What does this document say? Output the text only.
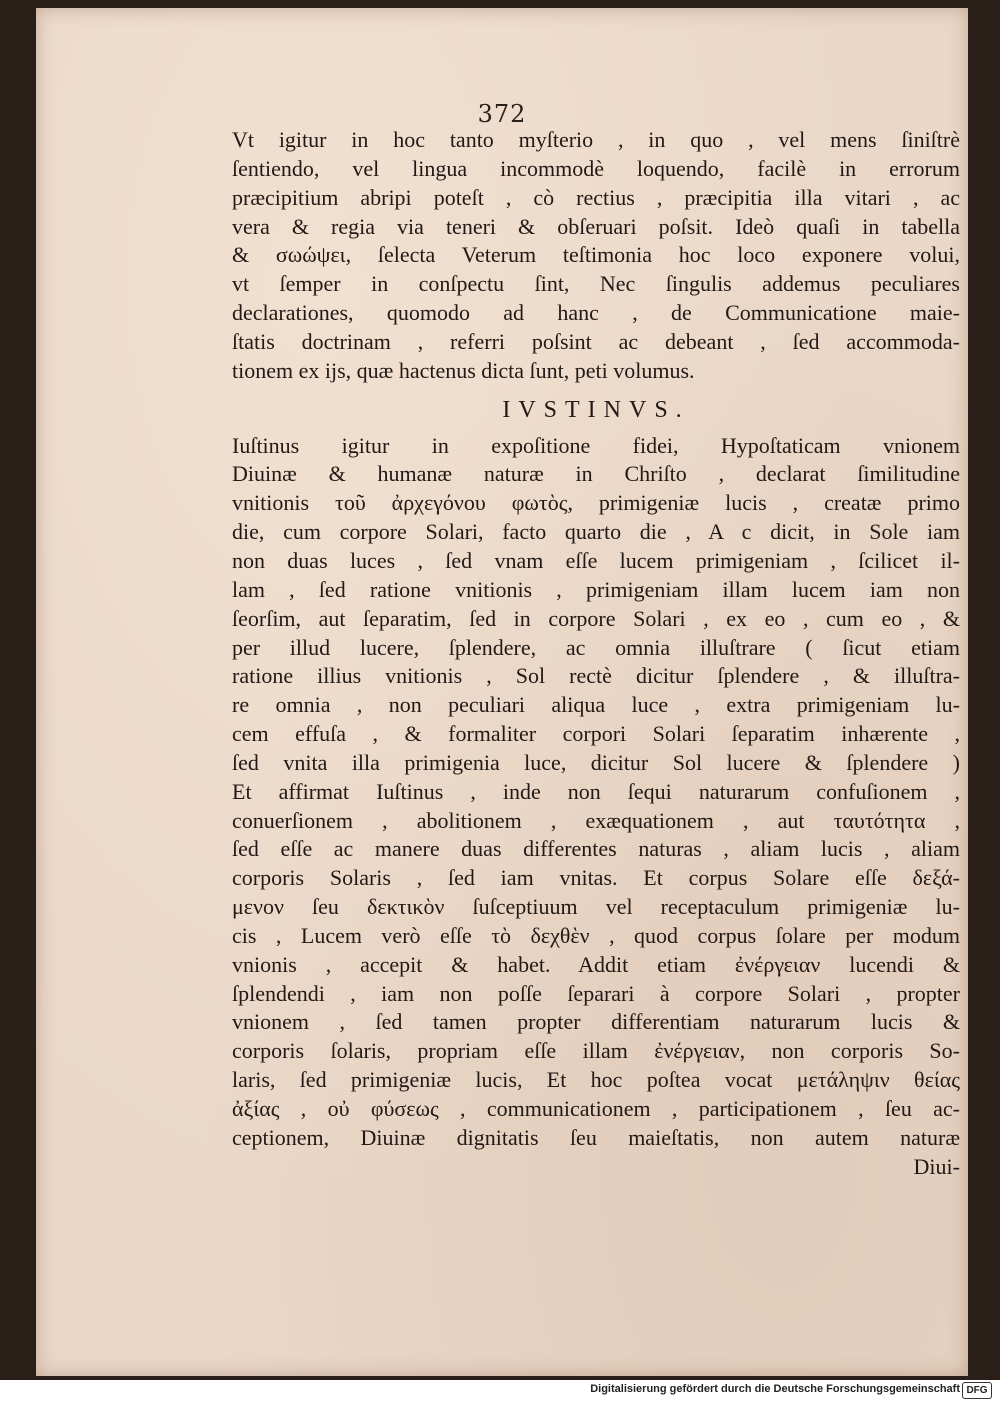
372
Vt igitur in hoc tanto myſterio , in quo , vel mens ſiniſtrè
ſentiendo, vel lingua incommodè loquendo, facilè in errorum
præcipitium abripi poteſt , cò rectius , præcipitia illa vitari , ac
vera & regia via teneri & obſeruari poſsit. Ideò quaſi in tabella
& σωώψει, ſelecta Veterum teſtimonia hoc loco exponere volui,
vt ſemper in conſpectu ſint, Nec ſingulis addemus peculiares
declarationes, quomodo ad hanc , de Communicatione maie-
ſtatis doctrinam , referri poſsint ac debeant , ſed accommoda-
tionem ex ijs, quæ hactenus dicta ſunt, peti volumus.
IVSTINVS.
Iuſtinus igitur in expoſitione fidei, Hypoſtaticam vnionem
Diuinæ & humanæ naturæ in Chriſto , declarat ſimilitudine
vnitionis τοῦ ἀρχεγόνου φωτὸς, primigeniæ lucis , creatæ primo
die, cum corpore Solari, facto quarto die , A c dicit, in Sole iam
non duas luces , ſed vnam eſſe lucem primigeniam , ſcilicet il-
lam , ſed ratione vnitionis , primigeniam illam lucem iam non
ſeorſim, aut ſeparatim, ſed in corpore Solari , ex eo , cum eo , &
per illud lucere, ſplendere, ac omnia illuſtrare ( ſicut etiam
ratione illius vnitionis , Sol rectè dicitur ſplendere , & illuſtra-
re omnia , non peculiari aliqua luce , extra primigeniam lu-
cem effuſa , & formaliter corpori Solari ſeparatim inhærente ,
ſed vnita illa primigenia luce, dicitur Sol lucere & ſplendere )
Et affirmat Iuſtinus , inde non ſequi naturarum confuſionem ,
conuerſionem , abolitionem , exæquationem , aut ταυτότητα ,
ſed eſſe ac manere duas differentes naturas , aliam lucis , aliam
corporis Solaris , ſed iam vnitas. Et corpus Solare eſſe δεξά-
μενον ſeu δεκτικὸν ſuſceptiuum vel receptaculum primigeniæ lu-
cis , Lucem verò eſſe τὸ δεχθὲν , quod corpus ſolare per modum
vnionis , accepit & habet. Addit etiam ἐνέργειαν lucendi &
ſplendendi , iam non poſſe ſeparari à corpore Solari , propter
vnionem , ſed tamen propter differentiam naturarum lucis &
corporis ſolaris, propriam eſſe illam ἐνέργειαν, non corporis So-
laris, ſed primigeniæ lucis, Et hoc poſtea vocat μετάληψιν θείας
ἀξίας , οὐ φύσεως , communicationem , participationem , ſeu ac-
ceptionem, Diuinæ dignitatis ſeu maieſtatis, non autem naturæ
Diui-
Digitalisierung gefördert durch die Deutsche Forschungsgemeinschaft DFG
